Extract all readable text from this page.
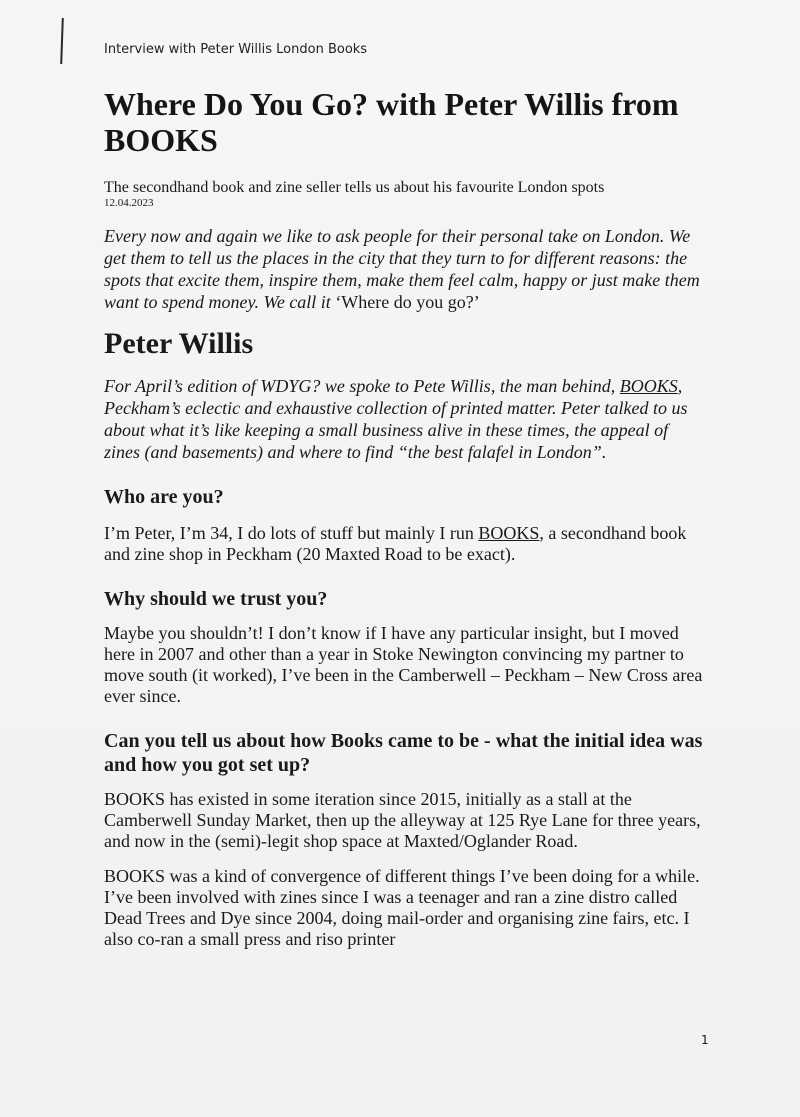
Interview with Peter Willis London Books
Where Do You Go? with Peter Willis from BOOKS

The secondhand book and zine seller tells us about his favourite London spots

12.04.2023

Every now and again we like to ask people for their personal take on London. We get them to tell us the places in the city that they turn to for different reasons: the spots that excite them, inspire them, make them feel calm, happy or just make them want to spend money. We call it ‘Where do you go?’

Peter Willis

For April’s edition of WDYG? we spoke to Pete Willis, the man behind, BOOKS, Peckham’s eclectic and exhaustive collection of printed matter. Peter talked to us about what it’s like keeping a small business alive in these times, the appeal of zines (and basements) and where to find “the best falafel in London”.

Who are you?

I’m Peter, I’m 34, I do lots of stuff but mainly I run BOOKS, a secondhand book and zine shop in Peckham (20 Maxted Road to be exact).

Why should we trust you?

Maybe you shouldn’t! I don’t know if I have any particular insight, but I moved here in 2007 and other than a year in Stoke Newington convincing my partner to move south (it worked), I’ve been in the Camberwell – Peckham – New Cross area ever since.

Can you tell us about how Books came to be - what the initial idea was and how you got set up?

BOOKS has existed in some iteration since 2015, initially as a stall at the Camberwell Sunday Market, then up the alleyway at 125 Rye Lane for three years, and now in the (semi)-legit shop space at Maxted/Oglander Road.

BOOKS was a kind of convergence of different things I’ve been doing for a while. I’ve been involved with zines since I was a teenager and ran a zine distro called Dead Trees and Dye since 2004, doing mail-order and organising zine fairs, etc. I also co-ran a small press and riso printer

1
